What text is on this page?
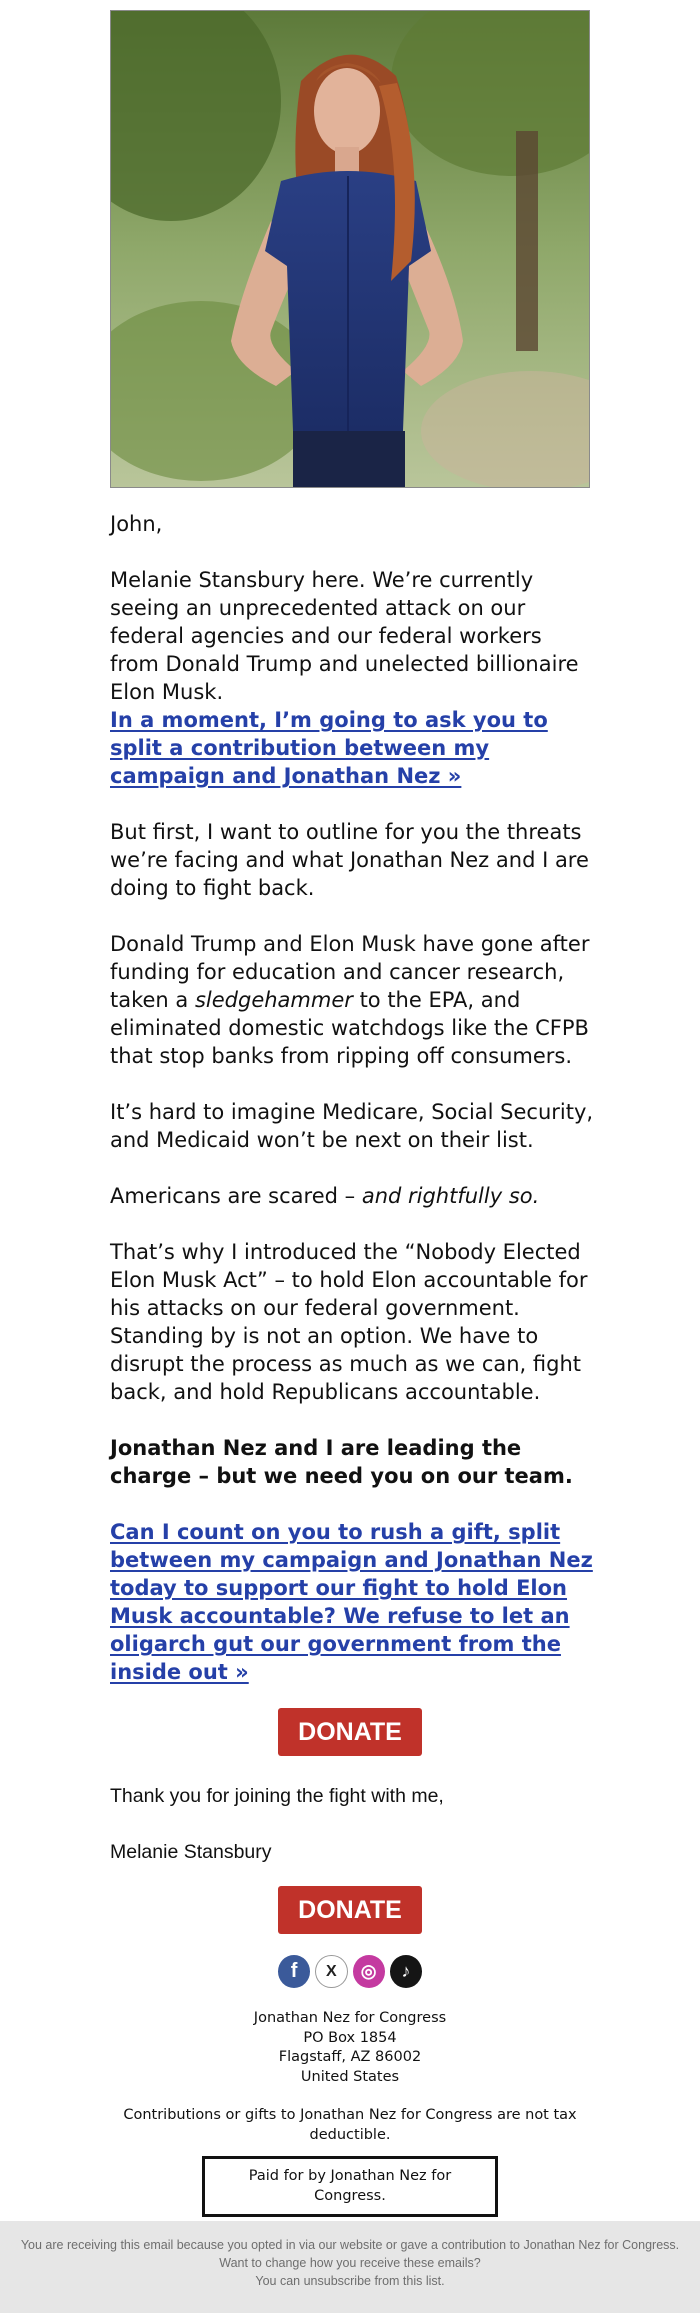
John,

Melanie Stansbury here. We’re currently seeing an unprecedented attack on our federal agencies and our federal workers from Donald Trump and unelected billionaire Elon Musk.

In a moment, I’m going to ask you to split a contribution between my campaign and Jonathan Nez »

But first, I want to outline for you the threats we’re facing and what Jonathan Nez and I are doing to fight back.

Donald Trump and Elon Musk have gone after funding for education and cancer research, taken a sledgehammer to the EPA, and eliminated domestic watchdogs like the CFPB that stop banks from ripping off consumers.

It’s hard to imagine Medicare, Social Security, and Medicaid won’t be next on their list.

Americans are scared – and rightfully so.

That’s why I introduced the “Nobody Elected Elon Musk Act” – to hold Elon accountable for his attacks on our federal government. Standing by is not an option. We have to disrupt the process as much as we can, fight back, and hold Republicans accountable.

Jonathan Nez and I are leading the charge – but we need you on our team.

Can I count on you to rush a gift, split between my campaign and Jonathan Nez today to support our fight to hold Elon Musk accountable? We refuse to let an oligarch gut our government from the inside out »

DONATE

Thank you for joining the fight with me,

Melanie Stansbury

DONATE
f	X	◎	♪
Jonathan Nez for Congress
PO Box 1854
Flagstaff, AZ 86002
United States
Contributions or gifts to Jonathan Nez for Congress are not tax deductible.
Paid for by Jonathan Nez for Congress.
You are receiving this email because you opted in via our website or gave a contribution to Jonathan Nez for Congress. Want to change how you receive these emails?
You can unsubscribe from this list.
